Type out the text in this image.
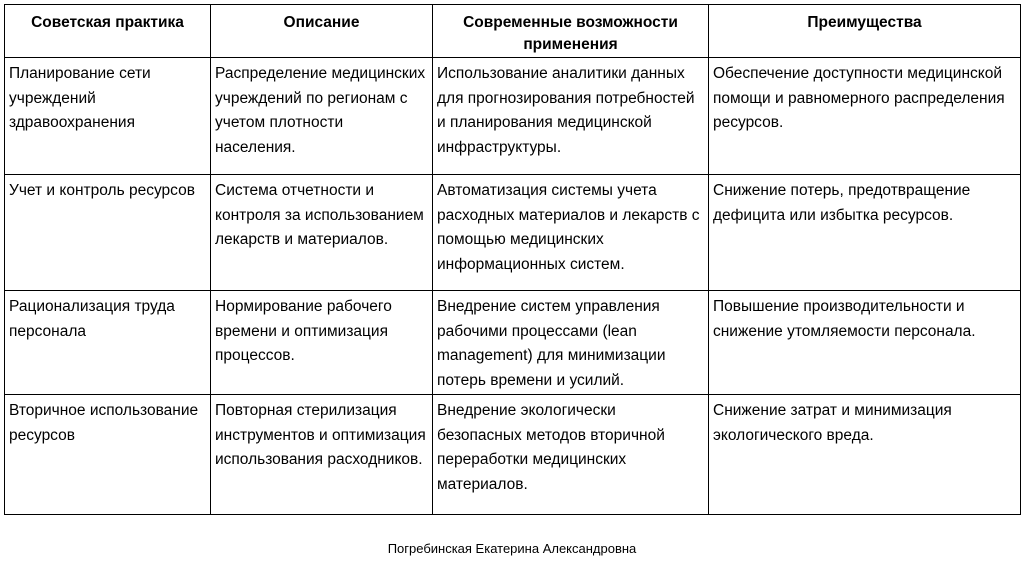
Советская практика	Описание	Современные возможности применения	Преимущества
Планирование сети учреждений здравоохранения	Распределение медицинских учреждений по регионам с учетом плотности населения.	Использование аналитики данных для прогнозирования потребностей и планирования медицинской инфраструктуры.	Обеспечение доступности медицинской помощи и равномерного распределения ресурсов.
Учет и контроль ресурсов	Система отчетности и контроля за использованием лекарств и материалов.	Автоматизация системы учета расходных материалов и лекарств с помощью медицинских информационных систем.	Снижение потерь, предотвращение дефицита или избытка ресурсов.
Рационализация труда персонала	Нормирование рабочего времени и оптимизация процессов.	Внедрение систем управления рабочими процессами (lean management) для минимизации потерь времени и усилий.	Повышение производительности и снижение утомляемости персонала.
Вторичное использование ресурсов	Повторная стерилизация инструментов и оптимизация использования расходников.	Внедрение экологически безопасных методов вторичной переработки медицинских материалов.	Снижение затрат и минимизация экологического вреда.
Погребинская Екатерина Александровна
